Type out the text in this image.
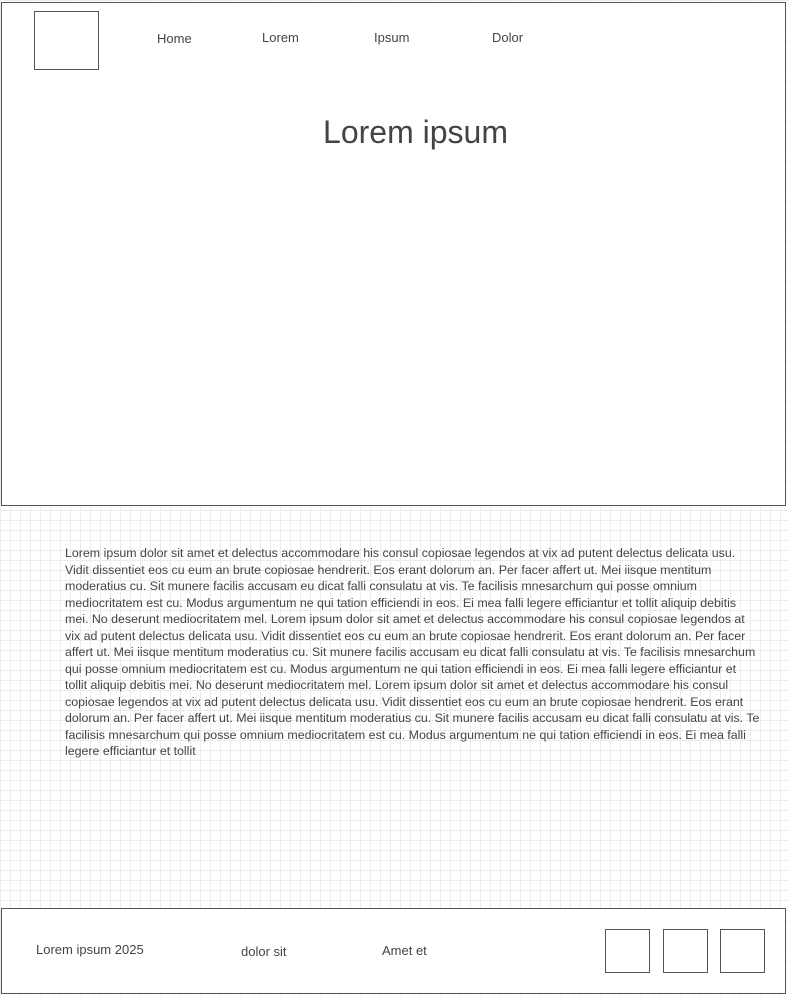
Home	Lorem	Ipsum	Dolor
Lorem ipsum

Lorem ipsum dolor sit amet et delectus accommodare his consul copiosae legendos at vix ad putent delectus delicata usu. Vidit dissentiet eos cu eum an brute copiosae hendrerit. Eos erant dolorum an. Per facer affert ut. Mei iisque mentitum moderatius cu. Sit munere facilis accusam eu dicat falli consulatu at vis. Te facilisis mnesarchum qui posse omnium mediocritatem est cu. Modus argumentum ne qui tation efficiendi in eos. Ei mea falli legere efficiantur et tollit aliquip debitis mei. No deserunt mediocritatem mel. Lorem ipsum dolor sit amet et delectus accommodare his consul copiosae legendos at vix ad putent delectus delicata usu. Vidit dissentiet eos cu eum an brute copiosae hendrerit. Eos erant dolorum an. Per facer affert ut. Mei iisque mentitum moderatius cu. Sit munere facilis accusam eu dicat falli consulatu at vis. Te facilisis mnesarchum qui posse omnium mediocritatem est cu. Modus argumentum ne qui tation efficiendi in eos. Ei mea falli legere efficiantur et tollit aliquip debitis mei. No deserunt mediocritatem mel. Lorem ipsum dolor sit amet et delectus accommodare his consul copiosae legendos at vix ad putent delectus delicata usu. Vidit dissentiet eos cu eum an brute copiosae hendrerit. Eos erant dolorum an. Per facer affert ut. Mei iisque mentitum moderatius cu. Sit munere facilis accusam eu dicat falli consulatu at vis. Te facilisis mnesarchum qui posse omnium mediocritatem est cu. Modus argumentum ne qui tation efficiendi in eos. Ei mea falli legere efficiantur et tollit

Lorem ipsum 2025	dolor sit	Amet et
